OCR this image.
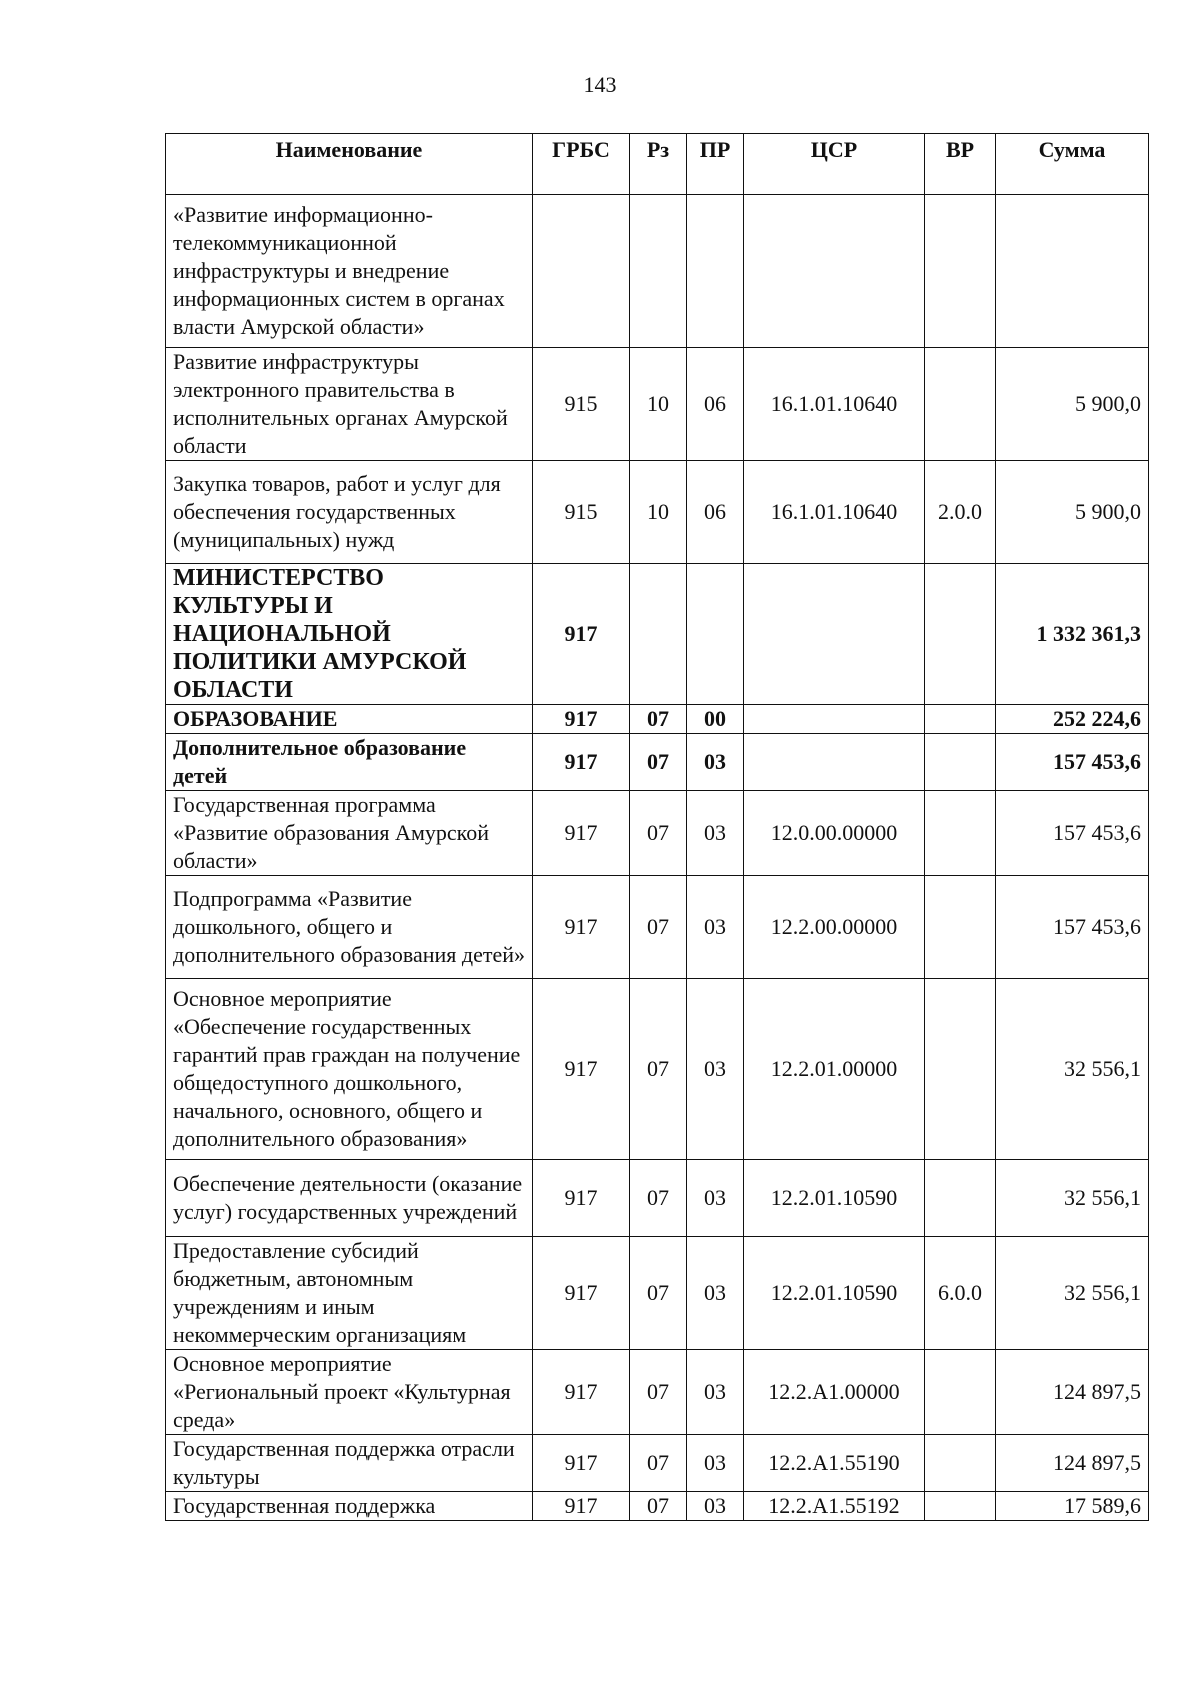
143
Наименование	ГРБС	Рз	ПР	ЦСР	ВР	Сумма
«Развитие информационно-телекоммуникационной инфраструктуры и внедрение информационных систем в органах власти Амурской области»						
Развитие инфраструктуры электронного правительства в исполнительных органах Амурской области	915	10	06	16.1.01.10640		5 900,0
Закупка товаров, работ и услуг для обеспечения государственных (муниципальных) нужд	915	10	06	16.1.01.10640	2.0.0	5 900,0
МИНИСТЕРСТВО КУЛЬТУРЫ И НАЦИОНАЛЬНОЙ ПОЛИТИКИ АМУРСКОЙ ОБЛАСТИ	917					1 332 361,3
ОБРАЗОВАНИЕ	917	07	00			252 224,6
Дополнительное образование детей	917	07	03			157 453,6
Государственная программа «Развитие образования Амурской области»	917	07	03	12.0.00.00000		157 453,6
Подпрограмма «Развитие дошкольного, общего и дополнительного образования детей»	917	07	03	12.2.00.00000		157 453,6
Основное мероприятие «Обеспечение государственных гарантий прав граждан на получение общедоступного дошкольного, начального, основного, общего и дополнительного образования»	917	07	03	12.2.01.00000		32 556,1
Обеспечение деятельности (оказание услуг) государственных учреждений	917	07	03	12.2.01.10590		32 556,1
Предоставление субсидий бюджетным, автономным учреждениям и иным некоммерческим организациям	917	07	03	12.2.01.10590	6.0.0	32 556,1
Основное мероприятие «Региональный проект «Культурная среда»	917	07	03	12.2.A1.00000		124 897,5
Государственная поддержка отрасли культуры	917	07	03	12.2.A1.55190		124 897,5
Государственная поддержка	917	07	03	12.2.A1.55192		17 589,6
